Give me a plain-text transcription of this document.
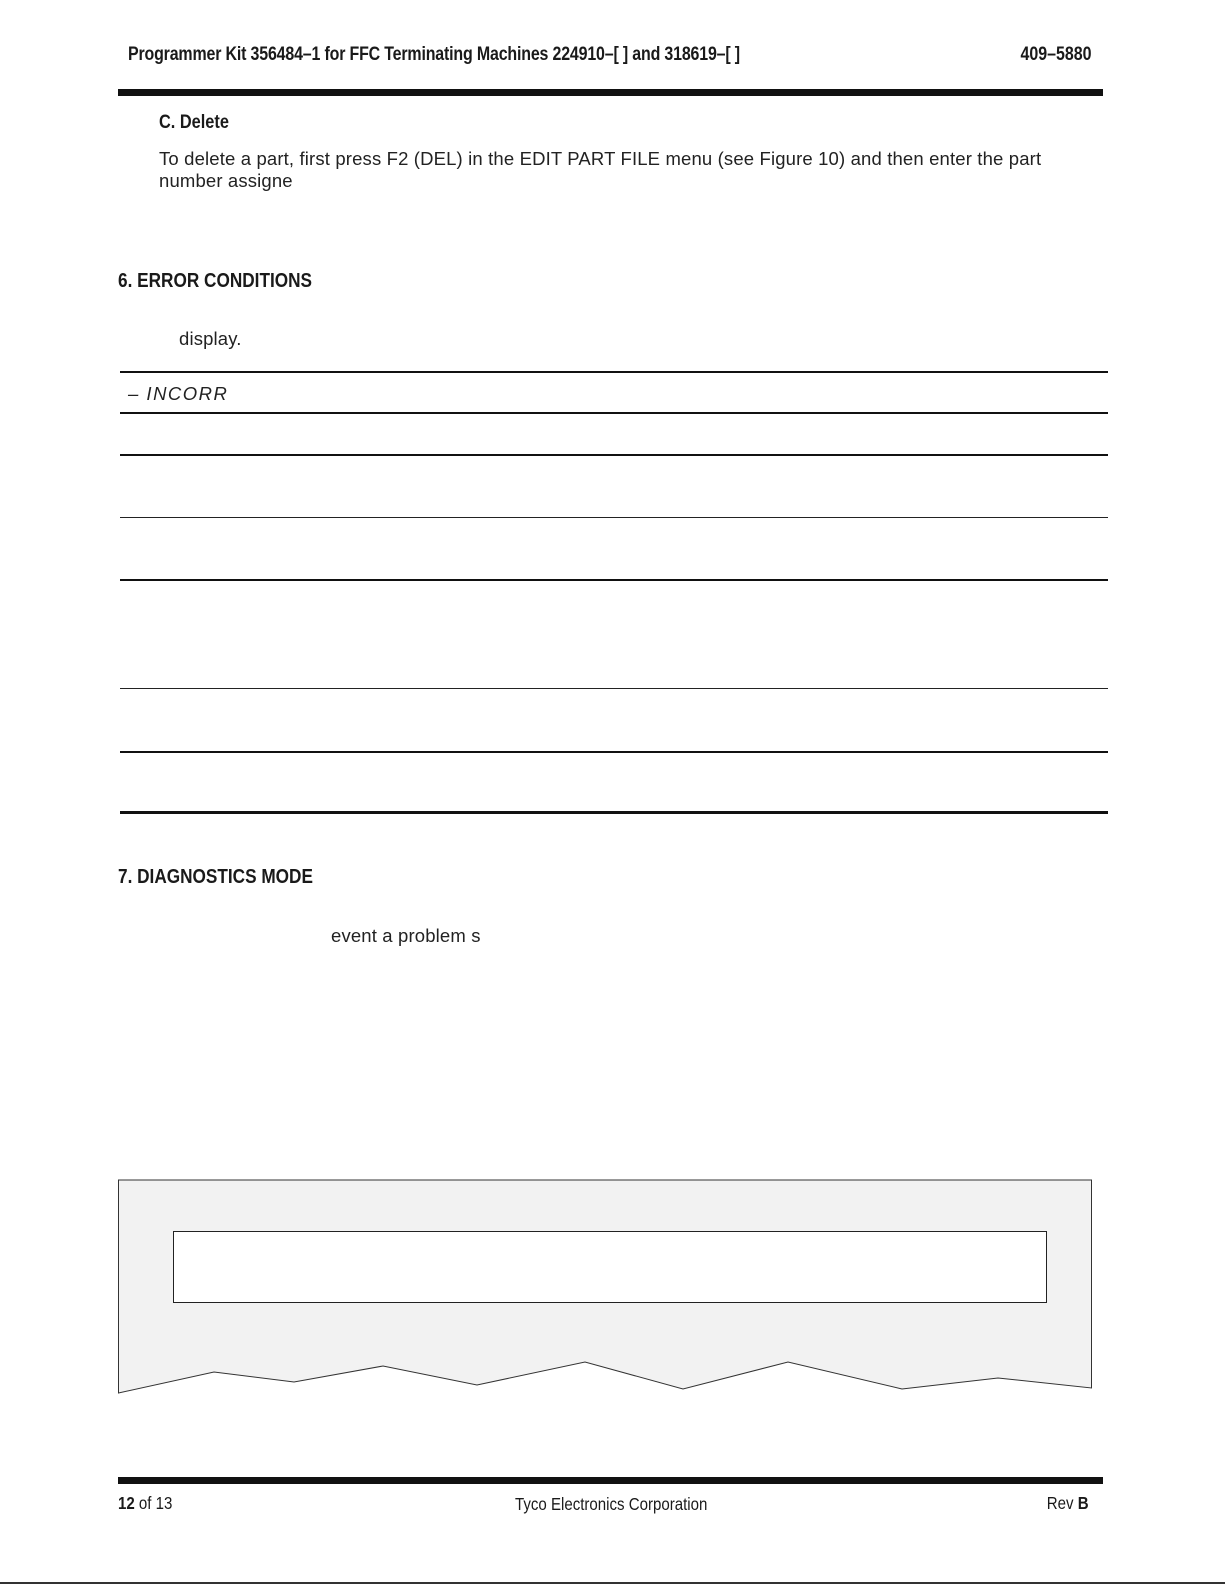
Programmer Kit 356484–1 for FFC Terminating Machines 224910–[ ] and 318619–[ ]	409–5880
C. Delete
To delete a part, first press F2 (DEL) in the EDIT PART FILE menu (see Figure 10) and then enter the part
number assigne
6. ERROR CONDITIONS
display.
– INCORR
7. DIAGNOSTICS MODE
event a problem s
12 of 13	Tyco Electronics Corporation	Rev B
